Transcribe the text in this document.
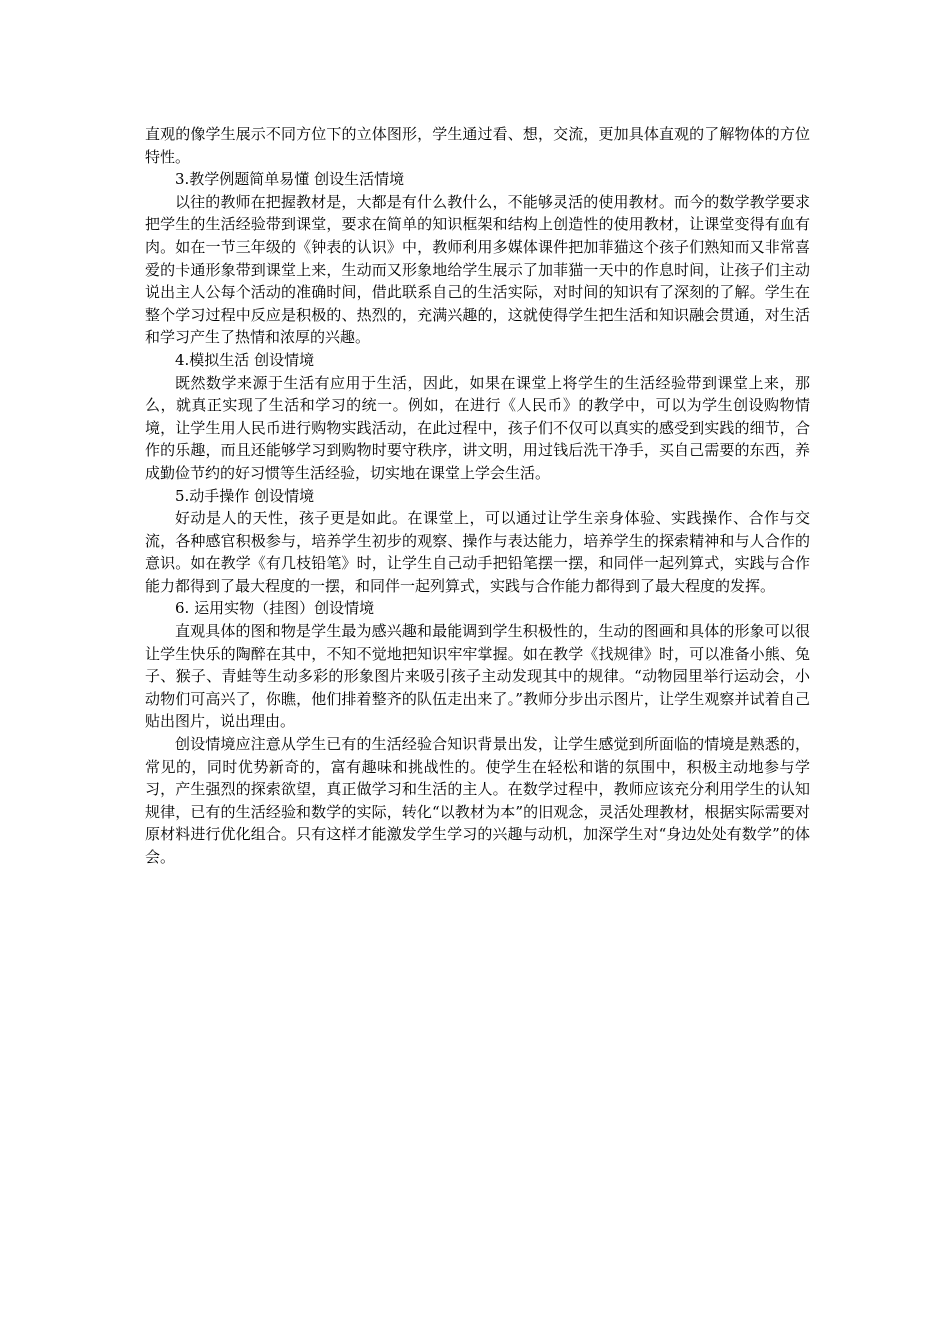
直观的像学生展示不同方位下的立体图形，学生通过看、想，交流，更加具体直观的了解物体的方位特性。

3.教学例题简单易懂 创设生活情境

以往的教师在把握教材是，大都是有什么教什么，不能够灵活的使用教材。而今的数学教学要求把学生的生活经验带到课堂，要求在简单的知识框架和结构上创造性的使用教材，让课堂变得有血有肉。如在一节三年级的《钟表的认识》中，教师利用多媒体课件把加菲猫这个孩子们熟知而又非常喜爱的卡通形象带到课堂上来，生动而又形象地给学生展示了加菲猫一天中的作息时间，让孩子们主动说出主人公每个活动的准确时间，借此联系自己的生活实际，对时间的知识有了深刻的了解。学生在整个学习过程中反应是积极的、热烈的，充满兴趣的，这就使得学生把生活和知识融会贯通，对生活和学习产生了热情和浓厚的兴趣。

4.模拟生活 创设情境

既然数学来源于生活有应用于生活，因此，如果在课堂上将学生的生活经验带到课堂上来，那么，就真正实现了生活和学习的统一。例如，在进行《人民币》的教学中，可以为学生创设购物情境，让学生用人民币进行购物实践活动，在此过程中，孩子们不仅可以真实的感受到实践的细节，合作的乐趣，而且还能够学习到购物时要守秩序，讲文明，用过钱后洗干净手，买自己需要的东西，养成勤俭节约的好习惯等生活经验，切实地在课堂上学会生活。

5.动手操作 创设情境

好动是人的天性，孩子更是如此。在课堂上，可以通过让学生亲身体验、实践操作、合作与交流，各种感官积极参与，培养学生初步的观察、操作与表达能力，培养学生的探索精神和与人合作的意识。如在教学《有几枝铅笔》时，让学生自己动手把铅笔摆一摆，和同伴一起列算式，实践与合作能力都得到了最大程度的一摆，和同伴一起列算式，实践与合作能力都得到了最大程度的发挥。

6. 运用实物（挂图）创设情境

直观具体的图和物是学生最为感兴趣和最能调到学生积极性的，生动的图画和具体的形象可以很让学生快乐的陶醉在其中，不知不觉地把知识牢牢掌握。如在教学《找规律》时，可以准备小熊、兔子、猴子、青蛙等生动多彩的形象图片来吸引孩子主动发现其中的规律。“动物园里举行运动会，小动物们可高兴了，你瞧，他们排着整齐的队伍走出来了。”教师分步出示图片，让学生观察并试着自己贴出图片，说出理由。

创设情境应注意从学生已有的生活经验合知识背景出发，让学生感觉到所面临的情境是熟悉的，常见的，同时优势新奇的，富有趣味和挑战性的。使学生在轻松和谐的氛围中，积极主动地参与学习，产生强烈的探索欲望，真正做学习和生活的主人。在数学过程中，教师应该充分利用学生的认知规律，已有的生活经验和数学的实际，转化“以教材为本”的旧观念，灵活处理教材，根据实际需要对原材料进行优化组合。只有这样才能激发学生学习的兴趣与动机，加深学生对“身边处处有数学”的体会。
